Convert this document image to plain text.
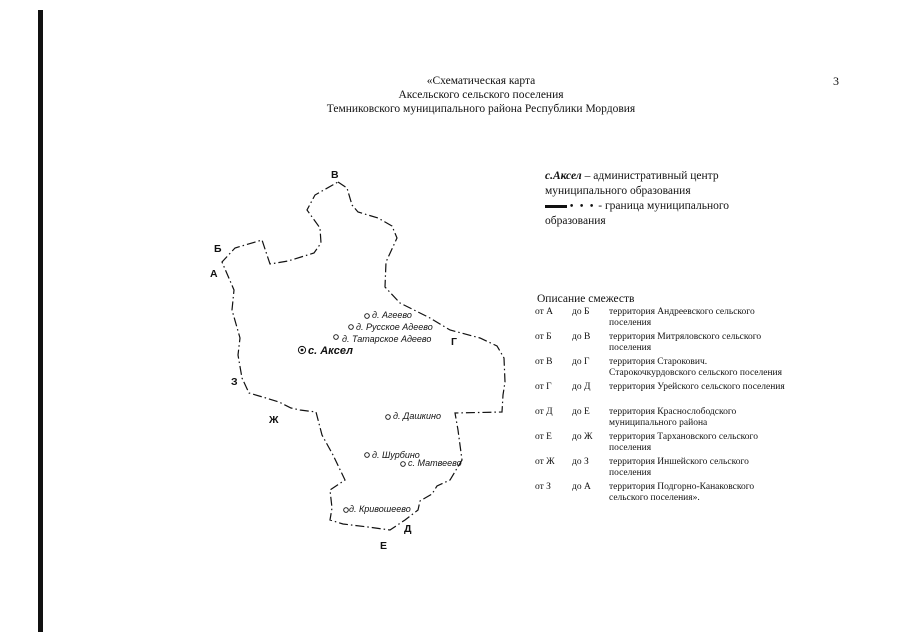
3
«Схематическая карта
Аксельского сельского поселения
Темниковского муниципального района Республики Мордовия
с.Аксел – административный центр муниципального образования
• • • - граница муниципального образования
Описание смежеств
от А до Б территория Андреевского сельского поселения
от Б до В территория Митряловского сельского поселения
от В до Г территория Старокович. Старокочкурдовского сельского поселения
от Г до Д территория Урейского сельского поселения
от Д до Е территория Краснослободского муниципального района
от Е до Ж территория Тархановского сельского поселения
от Ж до З территория Иншейского сельского поселения
от З до А территория Подгорно-Канаковского сельского поселения».
В
Б
А
Г
З
Ж
Д
Е
д. Агеево
д. Русское Адеево
д. Татарское Адеево
д. Дашкино
д. Шурбино
с. Матвеево
д. Кривошеево
с. Аксел
